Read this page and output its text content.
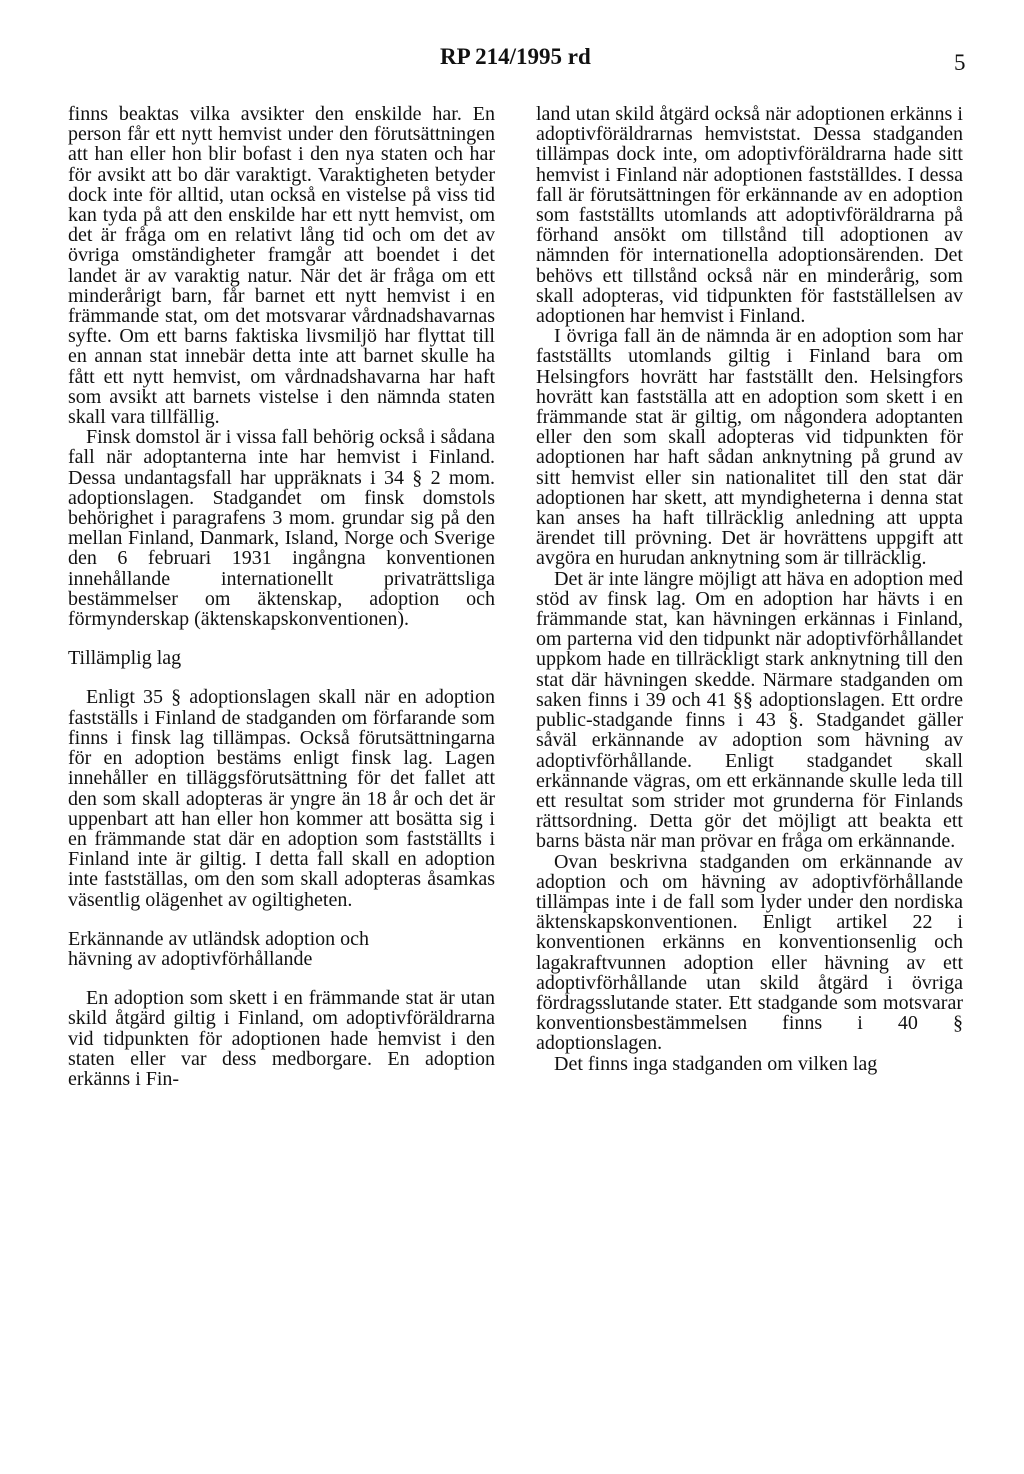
RP 214/1995 rd	5

finns beaktas vilka avsikter den enskilde har. En person får ett nytt hemvist under den förutsättningen att han eller hon blir bofast i den nya staten och har för avsikt att bo där varaktigt. Varaktigheten betyder dock inte för alltid, utan också en vistelse på viss tid kan tyda på att den enskilde har ett nytt hemvist, om det är fråga om en relativt lång tid och om det av övriga omständigheter framgår att boendet i det landet är av varaktig natur. När det är fråga om ett minderårigt barn, får barnet ett nytt hemvist i en främmande stat, om det motsvarar vårdnadshavarnas syfte. Om ett barns faktiska livsmiljö har flyttat till en annan stat innebär detta inte att barnet skulle ha fått ett nytt hemvist, om vårdnadshavarna har haft som avsikt att barnets vistelse i den nämnda staten skall vara tillfällig.

Finsk domstol är i vissa fall behörig också i sådana fall när adoptanterna inte har hemvist i Finland. Dessa undantagsfall har uppräknats i 34 § 2 mom. adoptionslagen. Stadgandet om finsk domstols behörighet i paragrafens 3 mom. grundar sig på den mellan Finland, Danmark, Island, Norge och Sverige den 6 februari 1931 ingångna konventionen innehållande internationellt privaträttsliga bestämmelser om äktenskap, adoption och förmynderskap (äktenskapskonventionen).

Tillämplig lag

Enligt 35 § adoptionslagen skall när en adoption fastställs i Finland de stadganden om förfarande som finns i finsk lag tillämpas. Också förutsättningarna för en adoption bestäms enligt finsk lag. Lagen innehåller en tilläggsförutsättning för det fallet att den som skall adopteras är yngre än 18 år och det är uppenbart att han eller hon kommer att bosätta sig i en främmande stat där en adoption som fastställts i Finland inte är giltig. I detta fall skall en adoption inte fastställas, om den som skall adopteras åsamkas väsentlig olägenhet av ogiltigheten.

Erkännande av utländsk adoption och
hävning av adoptivförhållande

En adoption som skett i en främmande stat är utan skild åtgärd giltig i Finland, om adoptivföräldrarna vid tidpunkten för adoptionen hade hemvist i den staten eller var dess medborgare. En adoption erkänns i Fin-

land utan skild åtgärd också när adoptionen erkänns i adoptivföräldrarnas hemviststat. Dessa stadganden tillämpas dock inte, om adoptivföräldrarna hade sitt hemvist i Finland när adoptionen fastställdes. I dessa fall är förutsättningen för erkännande av en adoption som fastställts utomlands att adoptivföräldrarna på förhand ansökt om tillstånd till adoptionen av nämnden för internationella adoptionsärenden. Det behövs ett tillstånd också när en minderårig, som skall adopteras, vid tidpunkten för fastställelsen av adoptionen har hemvist i Finland.

I övriga fall än de nämnda är en adoption som har fastställts utomlands giltig i Finland bara om Helsingfors hovrätt har fastställt den. Helsingfors hovrätt kan fastställa att en adoption som skett i en främmande stat är giltig, om någondera adoptanten eller den som skall adopteras vid tidpunkten för adoptionen har haft sådan anknytning på grund av sitt hemvist eller sin nationalitet till den stat där adoptionen har skett, att myndigheterna i denna stat kan anses ha haft tillräcklig anledning att uppta ärendet till prövning. Det är hovrättens uppgift att avgöra en hurudan anknytning som är tillräcklig.

Det är inte längre möjligt att häva en adoption med stöd av finsk lag. Om en adoption har hävts i en främmande stat, kan hävningen erkännas i Finland, om parterna vid den tidpunkt när adoptivförhållandet uppkom hade en tillräckligt stark anknytning till den stat där hävningen skedde. Närmare stadganden om saken finns i 39 och 41 §§ adoptionslagen. Ett ordre public-stadgande finns i 43 §. Stadgandet gäller såväl erkännande av adoption som hävning av adoptivförhållande. Enligt stadgandet skall erkännande vägras, om ett erkännande skulle leda till ett resultat som strider mot grunderna för Finlands rättsordning. Detta gör det möjligt att beakta ett barns bästa när man prövar en fråga om erkännande.

Ovan beskrivna stadganden om erkännande av adoption och om hävning av adoptivförhållande tillämpas inte i de fall som lyder under den nordiska äktenskapskonventionen. Enligt artikel 22 i konventionen erkänns en konventionsenlig och lagakraftvunnen adoption eller hävning av ett adoptivförhållande utan skild åtgärd i övriga fördragsslutande stater. Ett stadgande som motsvarar konventionsbestämmelsen finns i 40 § adoptionslagen.

Det finns inga stadganden om vilken lag
